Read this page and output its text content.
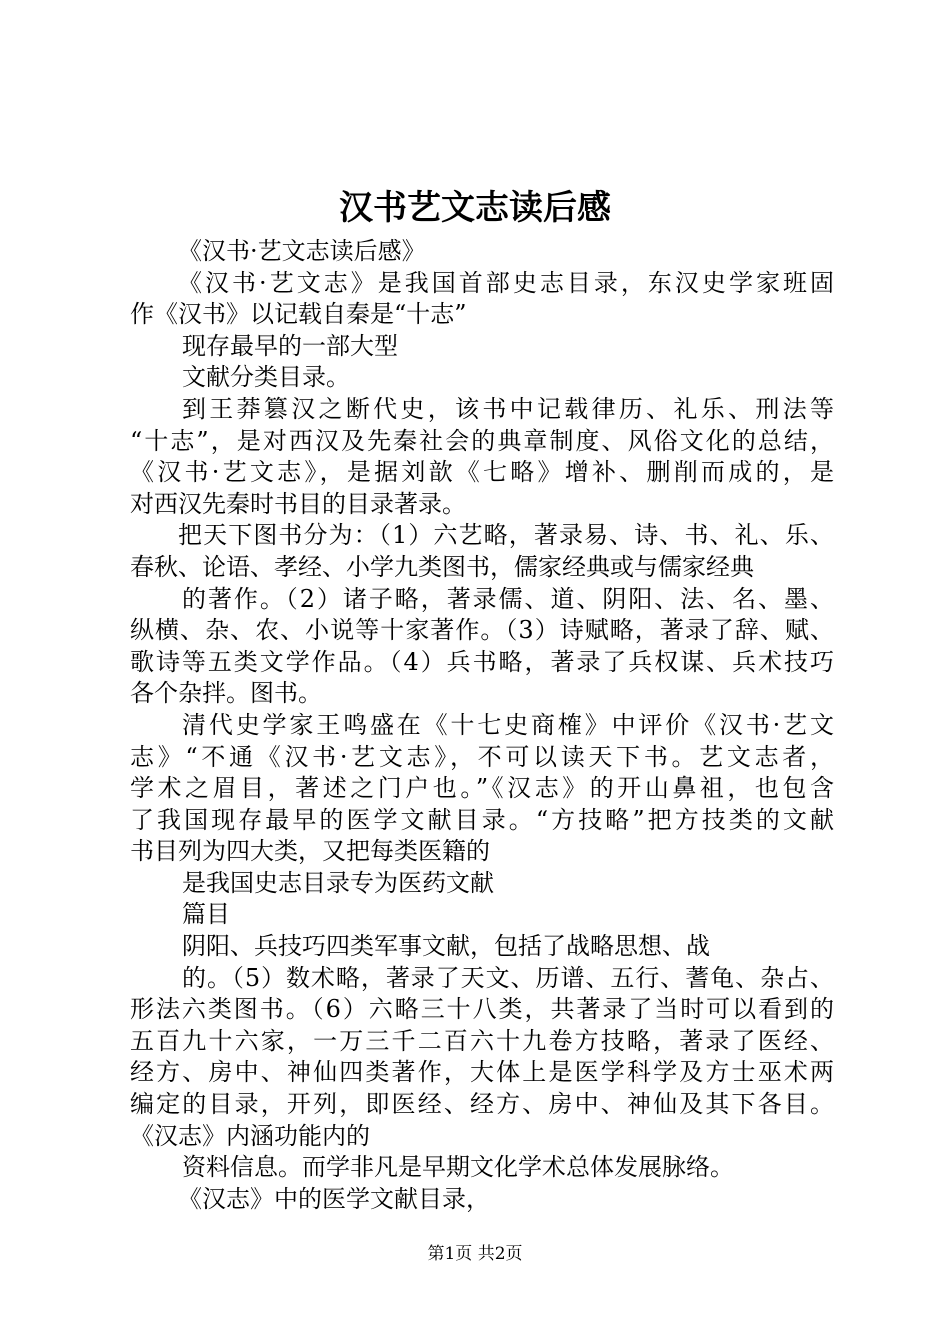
汉书艺文志读后感
《汉书·艺文志读后感》
《汉书·艺文志》是我国首部史志目录，东汉史学家班固
作《汉书》以记载自秦是“十志”
现存最早的一部大型
文献分类目录。
到王莽篡汉之断代史，该书中记载律历、礼乐、刑法等
“十志”，是对西汉及先秦社会的典章制度、风俗文化的总结，
《汉书·艺文志》，是据刘歆《七略》增补、删削而成的，是
对西汉先秦时书目的目录著录。
把天下图书分为：（1）六艺略，著录易、诗、书、礼、乐、
春秋、论语、孝经、小学九类图书，儒家经典或与儒家经典
的著作。（2）诸子略，著录儒、道、阴阳、法、名、墨、
纵横、杂、农、小说等十家著作。（3）诗赋略，著录了辞、赋、
歌诗等五类文学作品。（4）兵书略，著录了兵权谋、兵术技巧
各个杂拌。图书。
清代史学家王鸣盛在《十七史商榷》中评价《汉书·艺文
志》“不通《汉书·艺文志》，不可以读天下书。艺文志者，
学术之眉目，著述之门户也。”《汉志》的开山鼻祖，也包含
了我国现存最早的医学文献目录。“方技略”把方技类的文献
书目列为四大类，又把每类医籍的
是我国史志目录专为医药文献
篇目
阴阳、兵技巧四类军事文献，包括了战略思想、战
的。（5）数术略，著录了天文、历谱、五行、蓍龟、杂占、
形法六类图书。（6）六略三十八类，共著录了当时可以看到的
五百九十六家，一万三千二百六十九卷方技略，著录了医经、
经方、房中、神仙四类著作，大体上是医学科学及方士巫术两
编定的目录，开列，即医经、经方、房中、神仙及其下各目。
《汉志》内涵功能内的
资料信息。而学非凡是早期文化学术总体发展脉络。
《汉志》中的医学文献目录，
第1页 共2页
